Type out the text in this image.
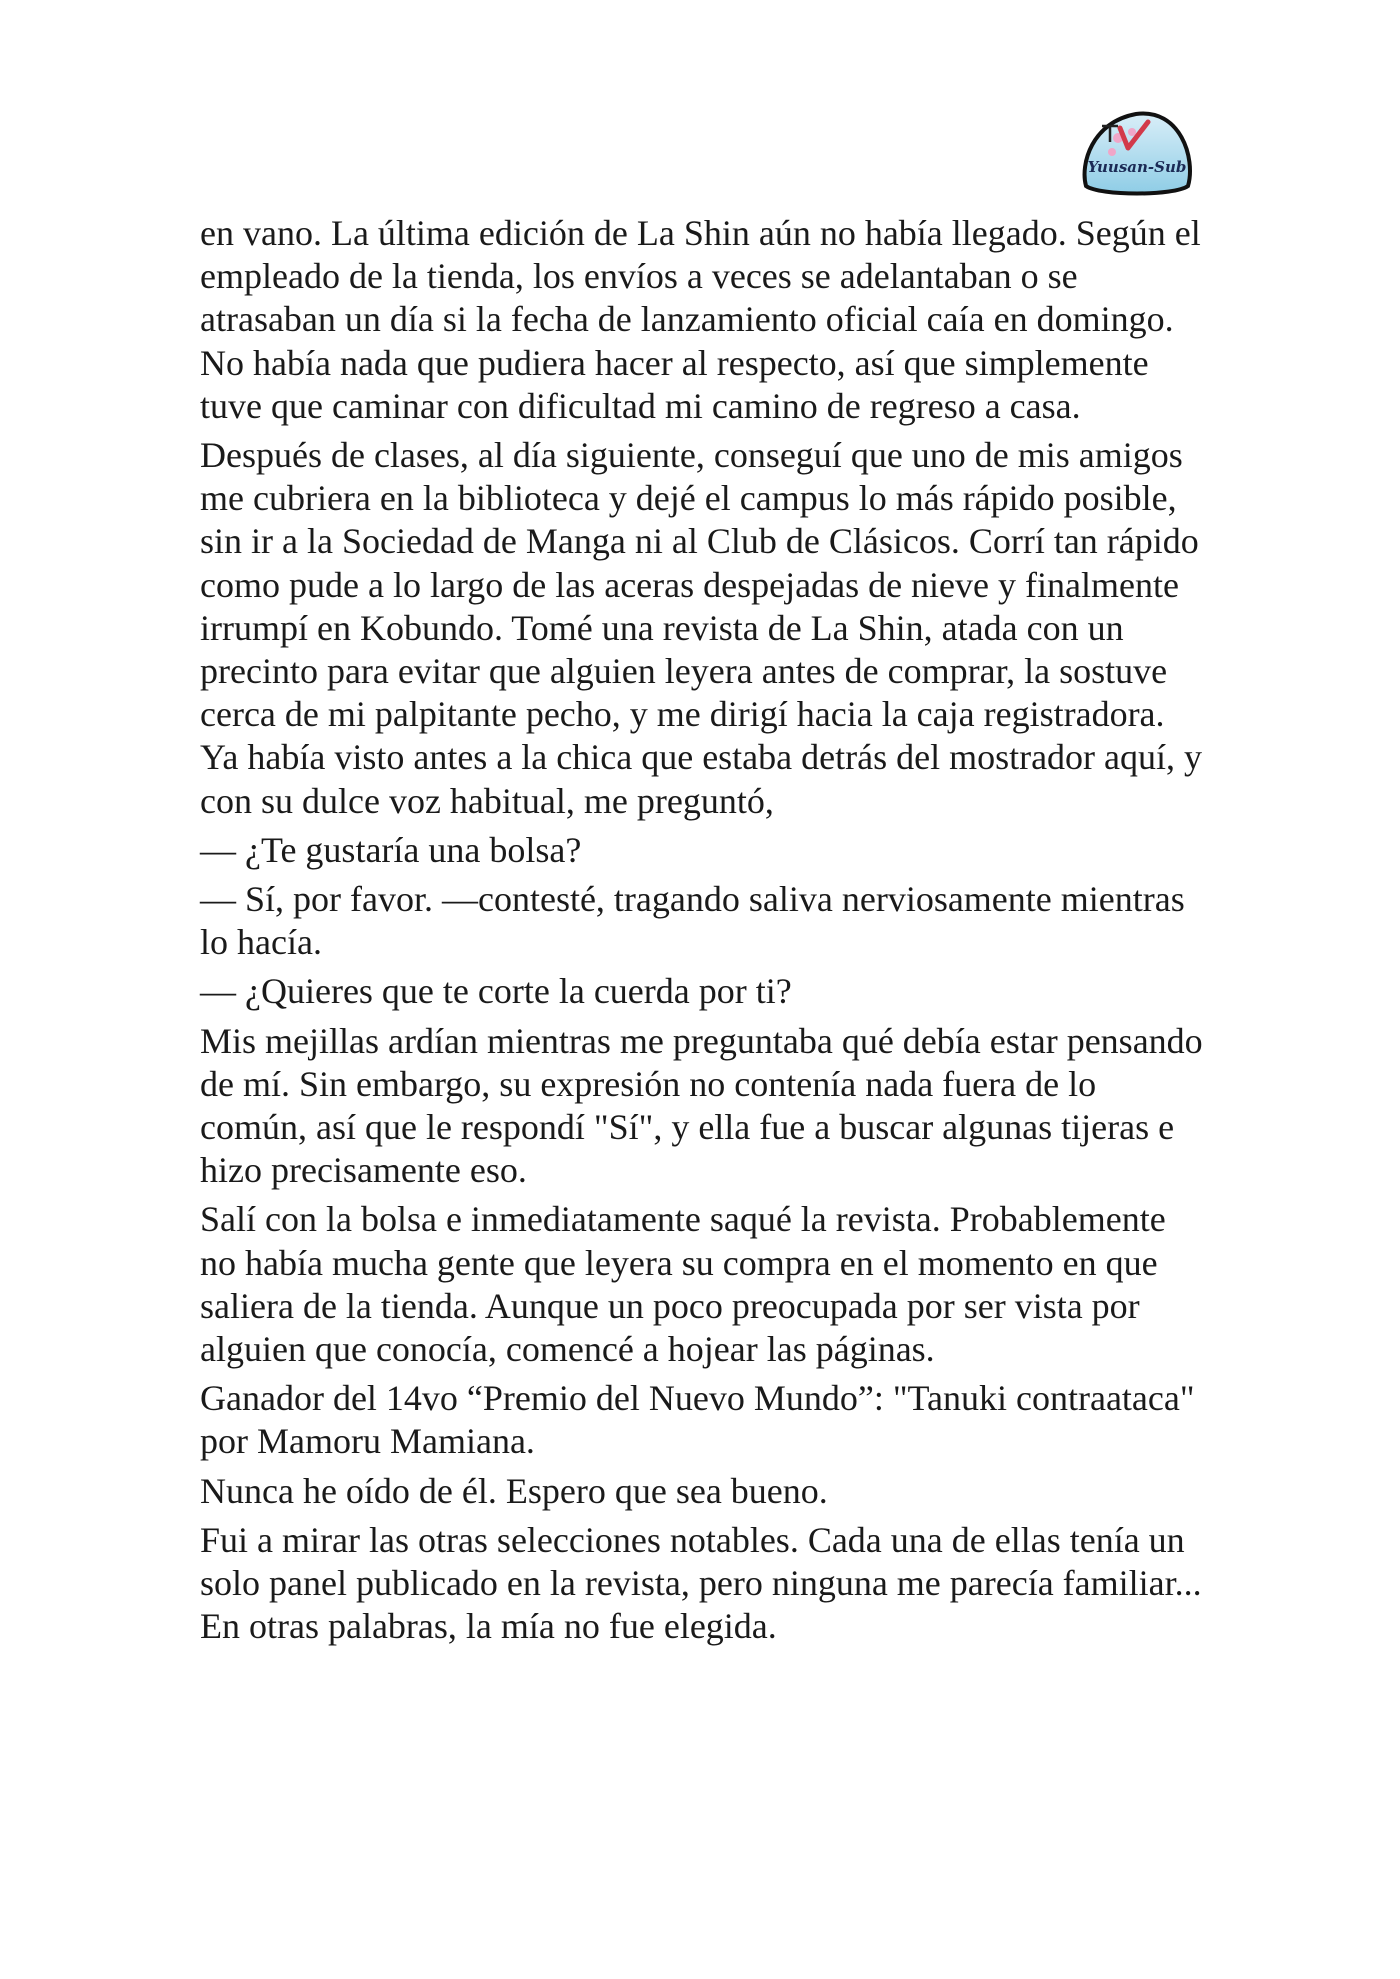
Yuusan-Sub

en vano. La última edición de La Shin aún no había llegado. Según el empleado de la tienda, los envíos a veces se adelantaban o se atrasaban un día si la fecha de lanzamiento oficial caía en domingo. No había nada que pudiera hacer al respecto, así que simplemente tuve que caminar con dificultad mi camino de regreso a casa.

Después de clases, al día siguiente, conseguí que uno de mis amigos me cubriera en la biblioteca y dejé el campus lo más rápido posible, sin ir a la Sociedad de Manga ni al Club de Clásicos. Corrí tan rápido como pude a lo largo de las aceras despejadas de nieve y finalmente irrumpí en Kobundo. Tomé una revista de La Shin, atada con un precinto para evitar que alguien leyera antes de comprar, la sostuve cerca de mi palpitante pecho, y me dirigí hacia la caja registradora. Ya había visto antes a la chica que estaba detrás del mostrador aquí, y con su dulce voz habitual, me preguntó,

— ¿Te gustaría una bolsa?

— Sí, por favor. —contesté, tragando saliva nerviosamente mientras lo hacía.

— ¿Quieres que te corte la cuerda por ti?

Mis mejillas ardían mientras me preguntaba qué debía estar pensando de mí. Sin embargo, su expresión no contenía nada fuera de lo común, así que le respondí "Sí", y ella fue a buscar algunas tijeras e hizo precisamente eso.

Salí con la bolsa e inmediatamente saqué la revista. Probablemente no había mucha gente que leyera su compra en el momento en que saliera de la tienda. Aunque un poco preocupada por ser vista por alguien que conocía, comencé a hojear las páginas.

Ganador del 14vo “Premio del Nuevo Mundo”: "Tanuki contraataca" por Mamoru Mamiana.

Nunca he oído de él. Espero que sea bueno.

Fui a mirar las otras selecciones notables. Cada una de ellas tenía un solo panel publicado en la revista, pero ninguna me parecía familiar... En otras palabras, la mía no fue elegida.
